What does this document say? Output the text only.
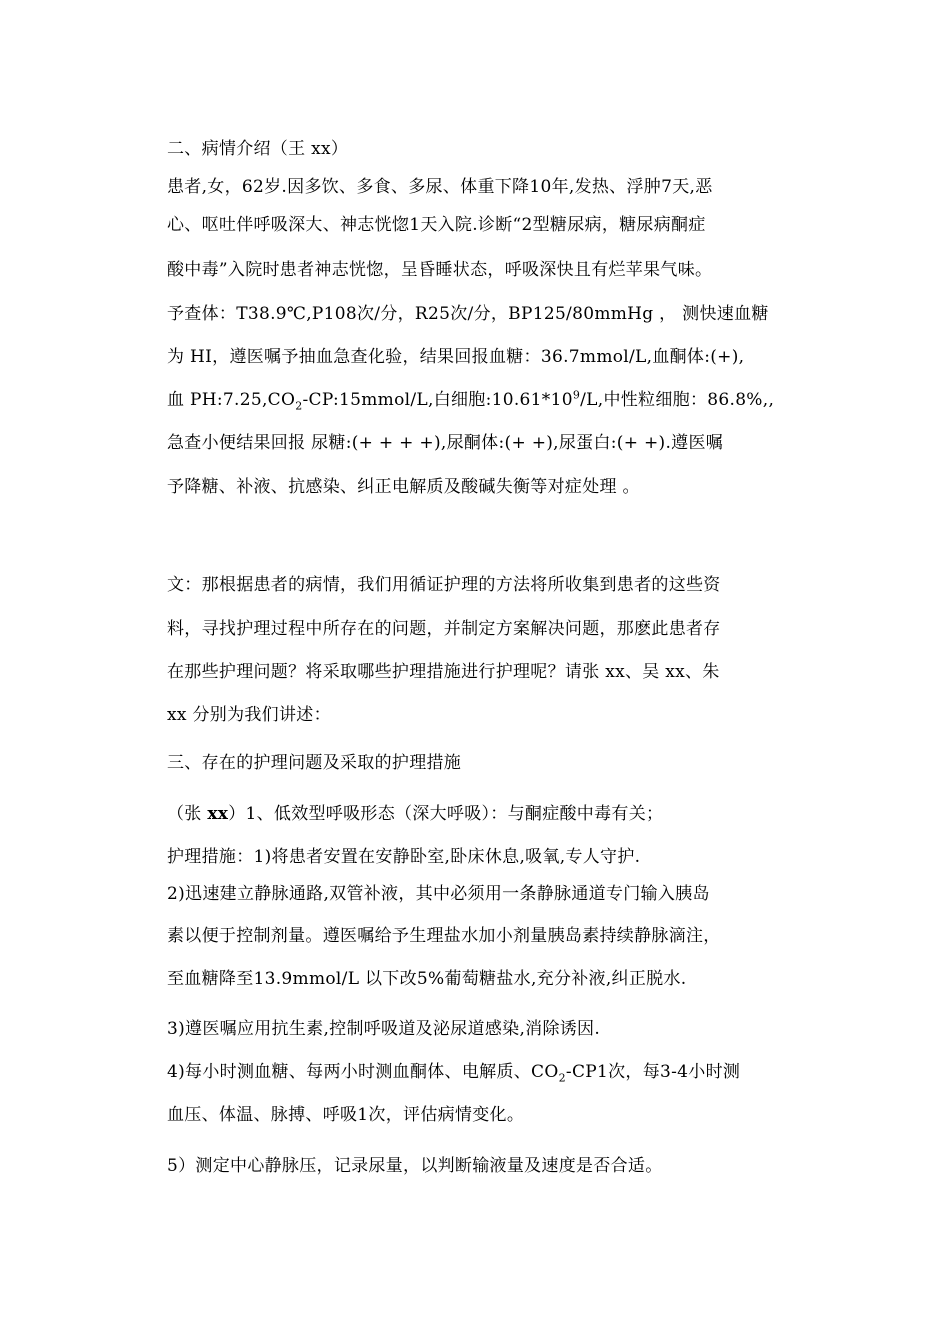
二、病情介绍（王 xx）
患者,女，62岁.因多饮、多食、多尿、体重下降10年,发热、浮肿7天,恶
心、呕吐伴呼吸深大、神志恍惚1天入院.诊断“2型糖尿病，糖尿病酮症
酸中毒”入院时患者神志恍惚，呈昏睡状态，呼吸深快且有烂苹果气味。
予查体：T38.9℃,P108次/分，R25次/分，BP125/80mmHg ， 测快速血糖
为 HI，遵医嘱予抽血急查化验，结果回报血糖：36.7mmol/L,血酮体:(+),
血 $PH:7.25,CO_2-CP:15mmol/L$,白细胞$:10.61*10^9/L$,中性粒细胞：86.8%,,
急查小便结果回报 尿糖:(+ + + +),尿酮体:(+ +),尿蛋白:(+ +).遵医嘱
予降糖、补液、抗感染、纠正电解质及酸碱失衡等对症处理 。
文：那根据患者的病情，我们用循证护理的方法将所收集到患者的这些资
料，寻找护理过程中所存在的问题，并制定方案解决问题，那麽此患者存
在那些护理问题？将采取哪些护理措施进行护理呢？请张 xx、吴 xx、朱
xx 分别为我们讲述：
三、存在的护理问题及采取的护理措施
（张 xx）1、低效型呼吸形态（深大呼吸）：与酮症酸中毒有关；
护理措施：1)将患者安置在安静卧室,卧床休息,吸氧,专人守护.
2)迅速建立静脉通路,双管补液，其中必须用一条静脉通道专门输入胰岛
素以便于控制剂量。遵医嘱给予生理盐水加小剂量胰岛素持续静脉滴注，
至血糖降至13.9mmol/L 以下改5%葡萄糖盐水,充分补液,纠正脱水.
3)遵医嘱应用抗生素,控制呼吸道及泌尿道感染,消除诱因.
4)每小时测血糖、每两小时测血酮体、电解质、$CO_2-CP1$次，每3-4小时测
血压、体温、脉搏、呼吸1次，评估病情变化。
5）测定中心静脉压，记录尿量，以判断输液量及速度是否合适。
